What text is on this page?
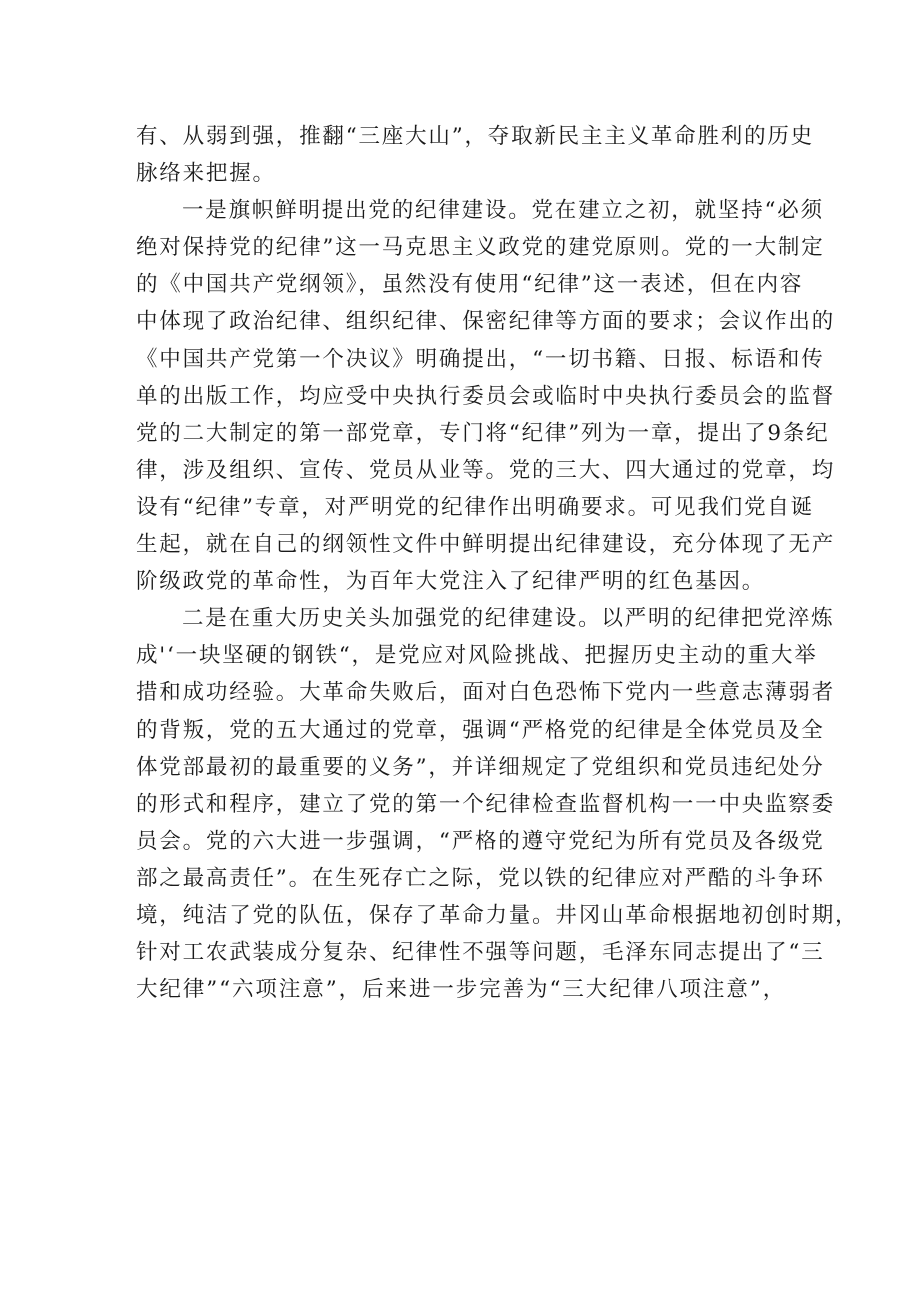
有、从弱到强，推翻“三座大山”，夺取新民主主义革命胜利的历史
脉络来把握。
一是旗帜鲜明提出党的纪律建设。党在建立之初，就坚持“必须
绝对保持党的纪律”这一马克思主义政党的建党原则。党的一大制定
的《中国共产党纲领》，虽然没有使用“纪律”这一表述，但在内容
中体现了政治纪律、组织纪律、保密纪律等方面的要求；会议作出的
《中国共产党第一个决议》明确提出，“一切书籍、日报、标语和传
单的出版工作，均应受中央执行委员会或临时中央执行委员会的监督
党的二大制定的第一部党章，专门将“纪律”列为一章，提出了9条纪
律，涉及组织、宣传、党员从业等。党的三大、四大通过的党章，均
设有“纪律”专章，对严明党的纪律作出明确要求。可见我们党自诞
生起，就在自己的纲领性文件中鲜明提出纪律建设，充分体现了无产
阶级政党的革命性，为百年大党注入了纪律严明的红色基因。
二是在重大历史关头加强党的纪律建设。以严明的纪律把党淬炼
成'‘一块坚硬的钢铁“，是党应对风险挑战、把握历史主动的重大举
措和成功经验。大革命失败后，面对白色恐怖下党内一些意志薄弱者
的背叛，党的五大通过的党章，强调“严格党的纪律是全体党员及全
体党部最初的最重要的义务”，并详细规定了党组织和党员违纪处分
的形式和程序，建立了党的第一个纪律检查监督机构一一中央监察委
员会。党的六大进一步强调，“严格的遵守党纪为所有党员及各级党
部之最高责任”。在生死存亡之际，党以铁的纪律应对严酷的斗争环
境，纯洁了党的队伍，保存了革命力量。井冈山革命根据地初创时期，
针对工农武装成分复杂、纪律性不强等问题，毛泽东同志提出了“三
大纪律”“六项注意”，后来进一步完善为“三大纪律八项注意”，
